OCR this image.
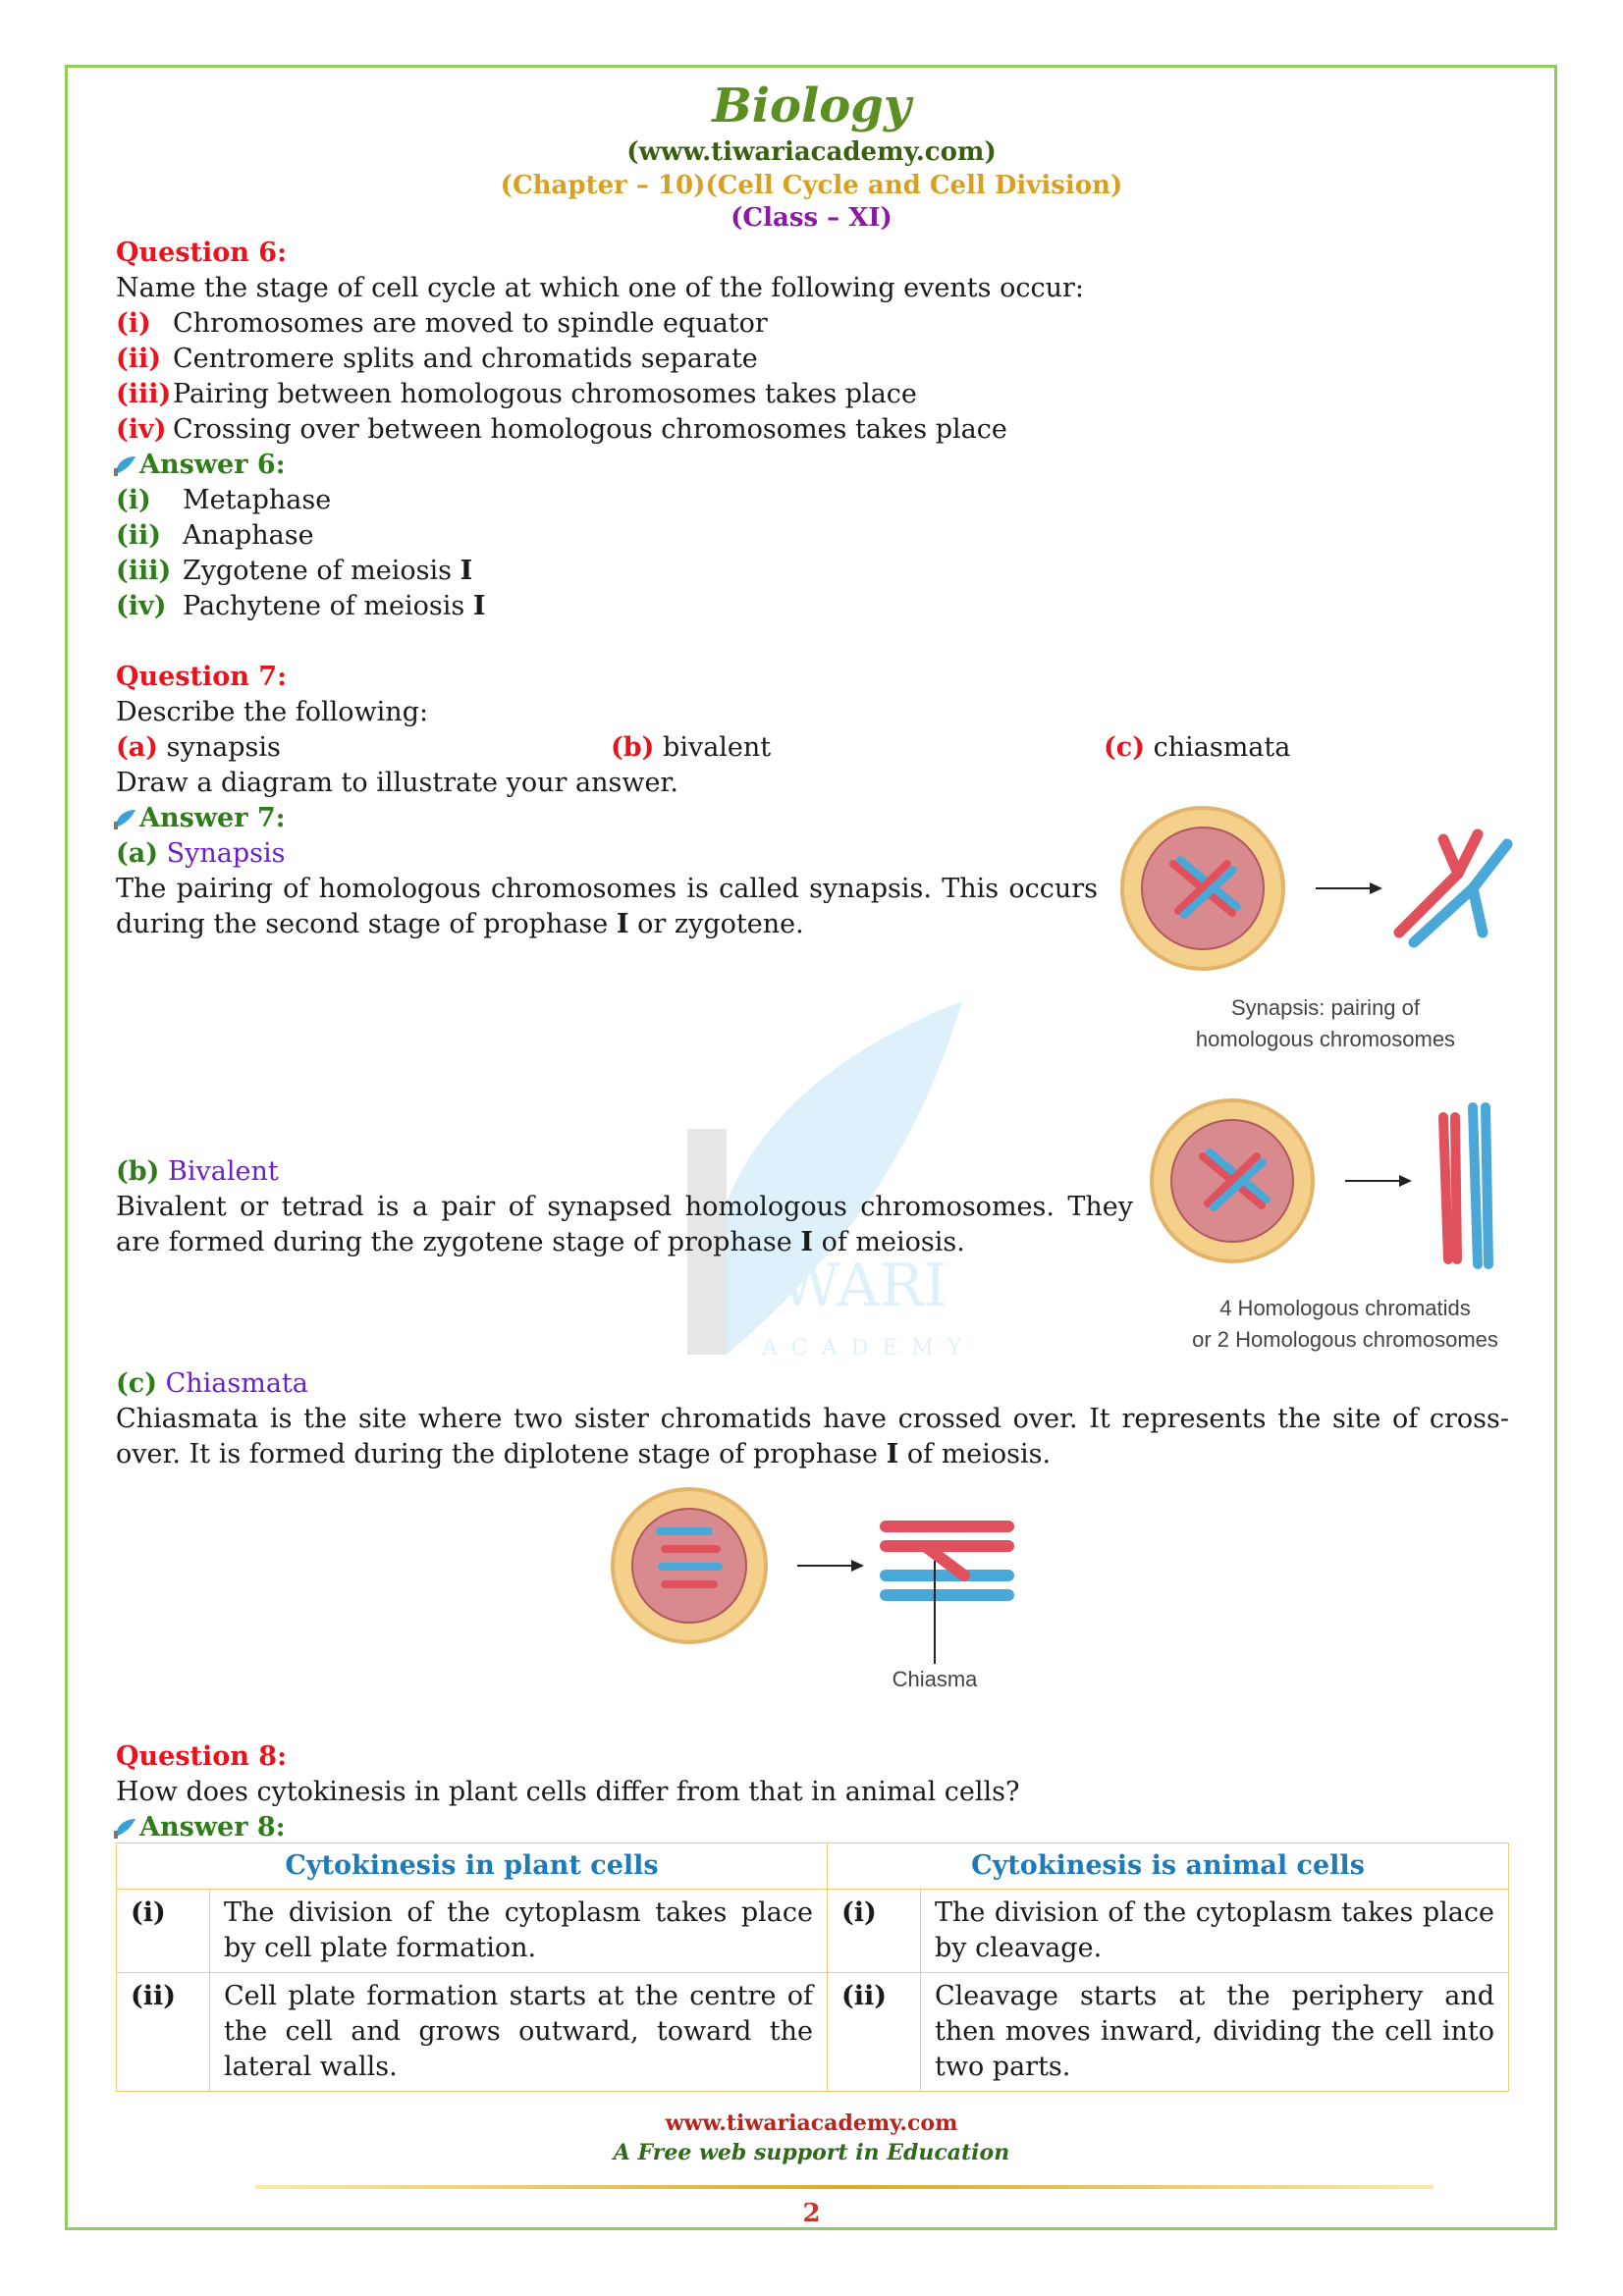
IWARI
ACADEMY
Biology
(www.tiwariacademy.com)
(Chapter – 10)(Cell Cycle and Cell Division)
(Class – XI)
Question 6:
Name the stage of cell cycle at which one of the following events occur:
(i) Chromosomes are moved to spindle equator
(ii) Centromere splits and chromatids separate
(iii)Pairing between homologous chromosomes takes place
(iv) Crossing over between homologous chromosomes takes place
Answer 6:
(i) Metaphase
(ii) Anaphase
(iii) Zygotene of meiosis I
(iv) Pachytene of meiosis I
Question 7:
Describe the following:
(a) synapsis	(b) bivalent	(c) chiasmata
Draw a diagram to illustrate your answer.
Answer 7:
(a) Synapsis
The pairing of homologous chromosomes is called synapsis. This occurs during the second stage of prophase I or zygotene.
Synapsis: pairing of
homologous chromosomes
(b) Bivalent
Bivalent or tetrad is a pair of synapsed homologous chromosomes. They are formed during the zygotene stage of prophase I of meiosis.
4 Homologous chromatids
or 2 Homologous chromosomes
(c) Chiasmata
Chiasmata is the site where two sister chromatids have crossed over. It represents the site of cross-over. It is formed during the diplotene stage of prophase I of meiosis.
Chiasma
Question 8:
How does cytokinesis in plant cells differ from that in animal cells?
Answer 8:
Cytokinesis in plant cells		Cytokinesis is animal cells	
(i)	The division of the cytoplasm takes place by cell plate formation.	(i)	The division of the cytoplasm takes place by cleavage.
(ii)	Cell plate formation starts at the centre of the cell and grows outward, toward the lateral walls.	(ii)	Cleavage starts at the periphery and then moves inward, dividing the cell into two parts.
www.tiwariacademy.com
A Free web support in Education
2
